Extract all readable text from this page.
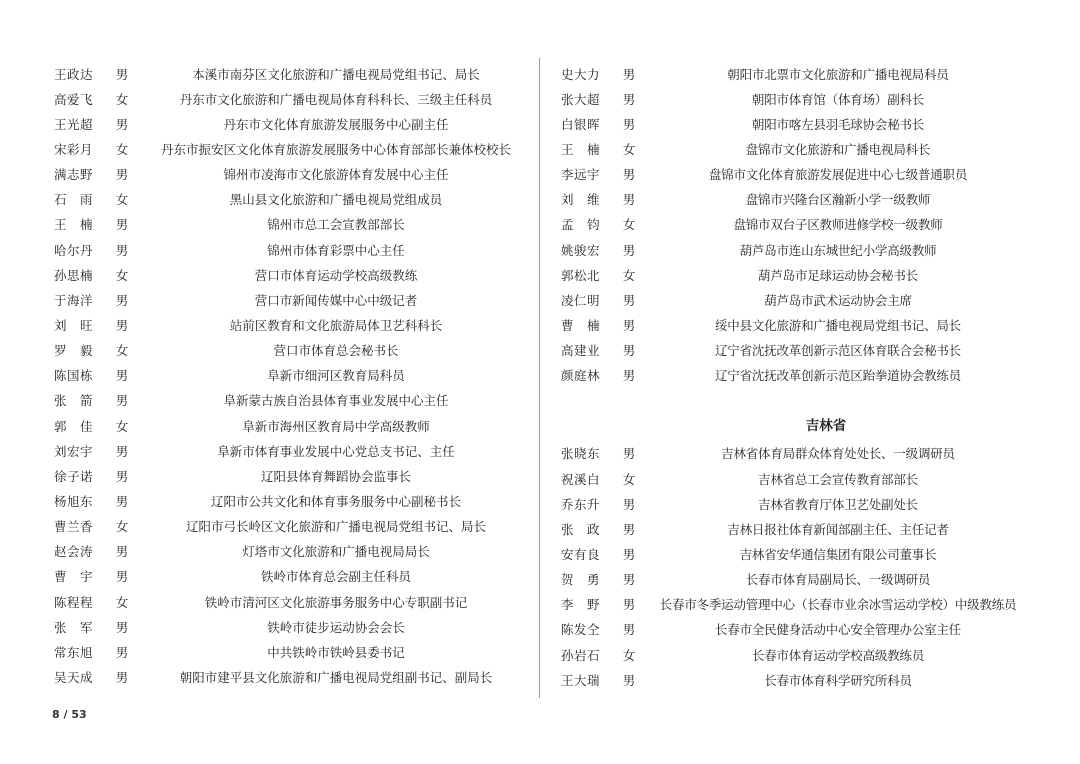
王政达	男	本溪市南芬区文化旅游和广播电视局党组书记、局长
高爱飞	女	丹东市文化旅游和广播电视局体育科科长、三级主任科员
王光超	男	丹东市文化体育旅游发展服务中心副主任
宋彩月	女	丹东市振安区文化体育旅游发展服务中心体育部部长兼体校校长
满志野	男	锦州市凌海市文化旅游体育发展中心主任
石　雨	女	黑山县文化旅游和广播电视局党组成员
王　楠	男	锦州市总工会宣教部部长
哈尔丹	男	锦州市体育彩票中心主任
孙思楠	女	营口市体育运动学校高级教练
于海洋	男	营口市新闻传媒中心中级记者
刘　旺	男	站前区教育和文化旅游局体卫艺科科长
罗　毅	女	营口市体育总会秘书长
陈国栋	男	阜新市细河区教育局科员
张　箭	男	阜新蒙古族自治县体育事业发展中心主任
郭　佳	女	阜新市海州区教育局中学高级教师
刘宏宇	男	阜新市体育事业发展中心党总支书记、主任
徐子诺	男	辽阳县体育舞蹈协会监事长
杨旭东	男	辽阳市公共文化和体育事务服务中心副秘书长
曹兰香	女	辽阳市弓长岭区文化旅游和广播电视局党组书记、局长
赵会涛	男	灯塔市文化旅游和广播电视局局长
曹　宇	男	铁岭市体育总会副主任科员
陈程程	女	铁岭市清河区文化旅游事务服务中心专职副书记
张　军	男	铁岭市徒步运动协会会长
常东旭	男	中共铁岭市铁岭县委书记
吴天成	男	朝阳市建平县文化旅游和广播电视局党组副书记、副局长
史大力	男	朝阳市北票市文化旅游和广播电视局科员
张大超	男	朝阳市体育馆（体育场）副科长
白银晖	男	朝阳市喀左县羽毛球协会秘书长
王　楠	女	盘锦市文化旅游和广播电视局科长
李远宇	男	盘锦市文化体育旅游发展促进中心七级普通职员
刘　维	男	盘锦市兴隆台区瀚新小学一级教师
孟　钧	女	盘锦市双台子区教师进修学校一级教师
姚骏宏	男	葫芦岛市连山东城世纪小学高级教师
郭松北	女	葫芦岛市足球运动协会秘书长
凌仁明	男	葫芦岛市武术运动协会主席
曹　楠	男	绥中县文化旅游和广播电视局党组书记、局长
高建业	男	辽宁省沈抚改革创新示范区体育联合会秘书长
颜庭林	男	辽宁省沈抚改革创新示范区跆拳道协会教练员
吉林省
张晓东	男	吉林省体育局群众体育处处长、一级调研员
祝溪白	女	吉林省总工会宣传教育部部长
乔东升	男	吉林省教育厅体卫艺处副处长
张　政	男	吉林日报社体育新闻部副主任、主任记者
安有良	男	吉林省安华通信集团有限公司董事长
贺　勇	男	长春市体育局副局长、一级调研员
李　野	男	长春市冬季运动管理中心（长春市业余冰雪运动学校）中级教练员
陈发仝	男	长春市全民健身活动中心安全管理办公室主任
孙岩石	女	长春市体育运动学校高级教练员
王大瑞	男	长春市体育科学研究所科员
8 / 53
